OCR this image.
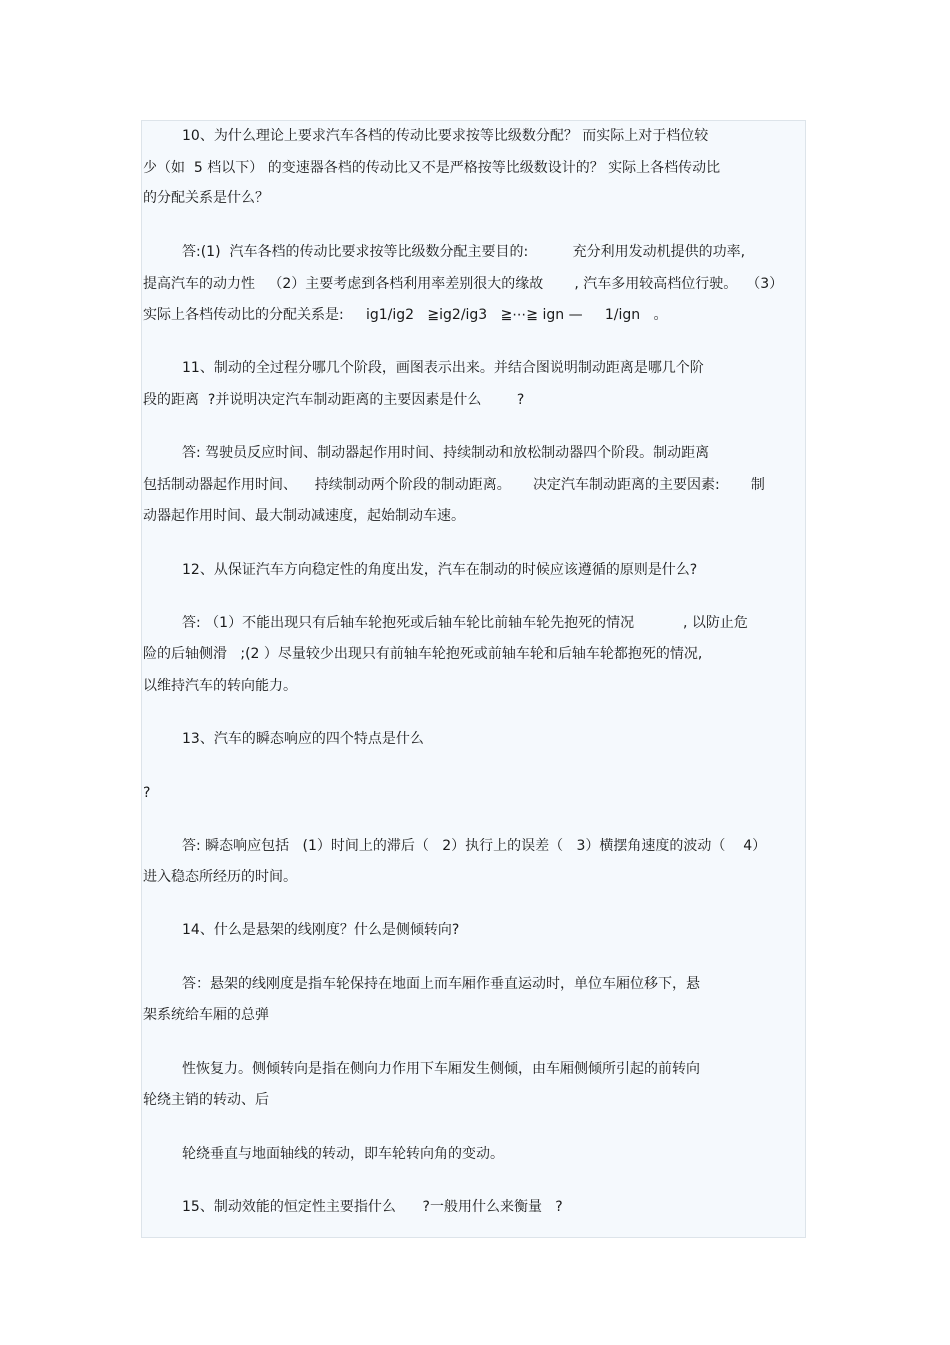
10、为什么理论上要求汽车各档的传动比要求按等比级数分配？ 而实际上对于档位较
少（如  5 档以下） 的变速器各档的传动比又不是严格按等比级数设计的？ 实际上各档传动比
的分配关系是什么？
答:(1)  汽车各档的传动比要求按等比级数分配主要目的:          充分利用发动机提供的功率,
提高汽车的动力性   （2）主要考虑到各档利用率差别很大的缘故       , 汽车多用较高档位行驶。  （3）
实际上各档传动比的分配关系是:     ig1/ig2   ≧ig2/ig3   ≧⋯≧ ign —     1/ign   。
11、制动的全过程分哪几个阶段，画图表示出来。并结合图说明制动距离是哪几个阶
段的距离  ?并说明决定汽车制动距离的主要因素是什么        ?
答: 驾驶员反应时间、制动器起作用时间、持续制动和放松制动器四个阶段。制动距离
包括制动器起作用时间、    持续制动两个阶段的制动距离。     决定汽车制动距离的主要因素:       制
动器起作用时间、最大制动减速度，起始制动车速。
12、从保证汽车方向稳定性的角度出发，汽车在制动的时候应该遵循的原则是什么?
答: （1）不能出现只有后轴车轮抱死或后轴车轮比前轴车轮先抱死的情况           , 以防止危
险的后轴侧滑   ;(2 ）尽量较少出现只有前轴车轮抱死或前轴车轮和后轴车轮都抱死的情况,
以维持汽车的转向能力。
13、汽车的瞬态响应的四个特点是什么
?
答: 瞬态响应包括   (1）时间上的滞后（   2）执行上的误差（   3）横摆角速度的波动（    4）
进入稳态所经历的时间。
14、什么是悬架的线刚度？什么是侧倾转向?
答：悬架的线刚度是指车轮保持在地面上而车厢作垂直运动时，单位车厢位移下，悬
架系统给车厢的总弹
性恢复力。侧倾转向是指在侧向力作用下车厢发生侧倾，由车厢侧倾所引起的前转向
轮绕主销的转动、后
轮绕垂直与地面轴线的转动，即车轮转向角的变动。
15、制动效能的恒定性主要指什么      ?一般用什么来衡量   ?
